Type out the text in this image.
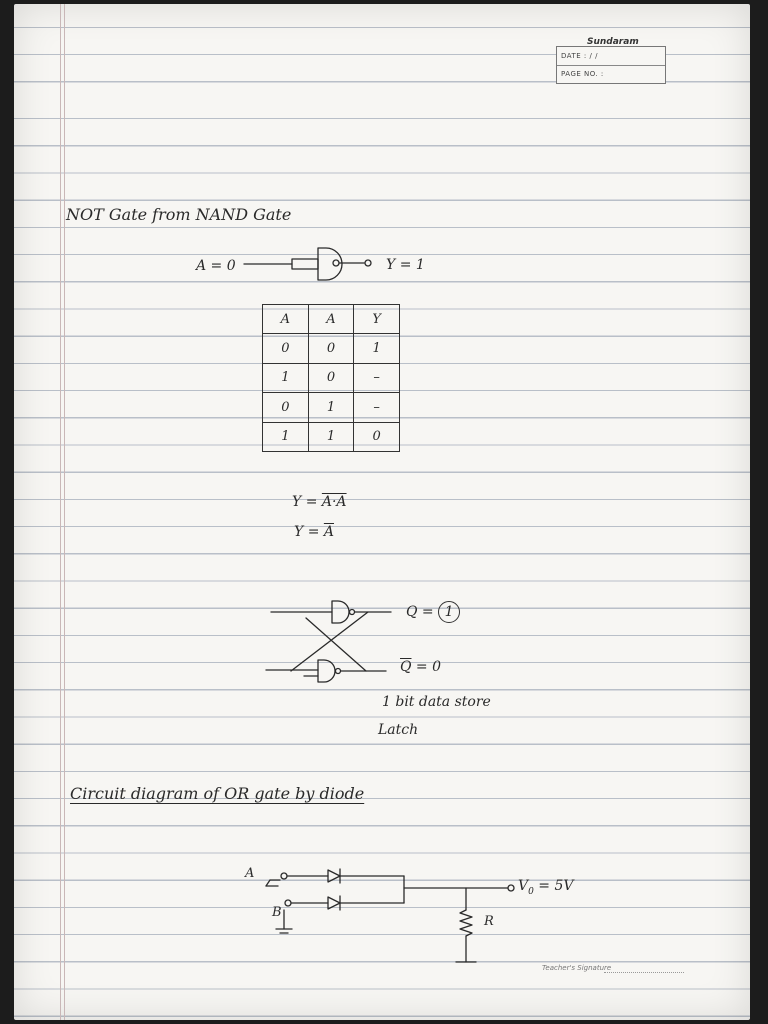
Sundaram
DATE : / /
PAGE NO. :
NOT Gate from NAND Gate
A = 0	Y = 1
A	A	Y
0	0	1
1	0	–
0	1	–
1	1	0
Y = A·A
$Y = \overline{A}$
Q = 1
$\overline{Q} = 0$
1 bit data store
Latch
Circuit diagram of OR gate by diode
A
B
$V_0 = 5V$
R
Teacher's Signature
